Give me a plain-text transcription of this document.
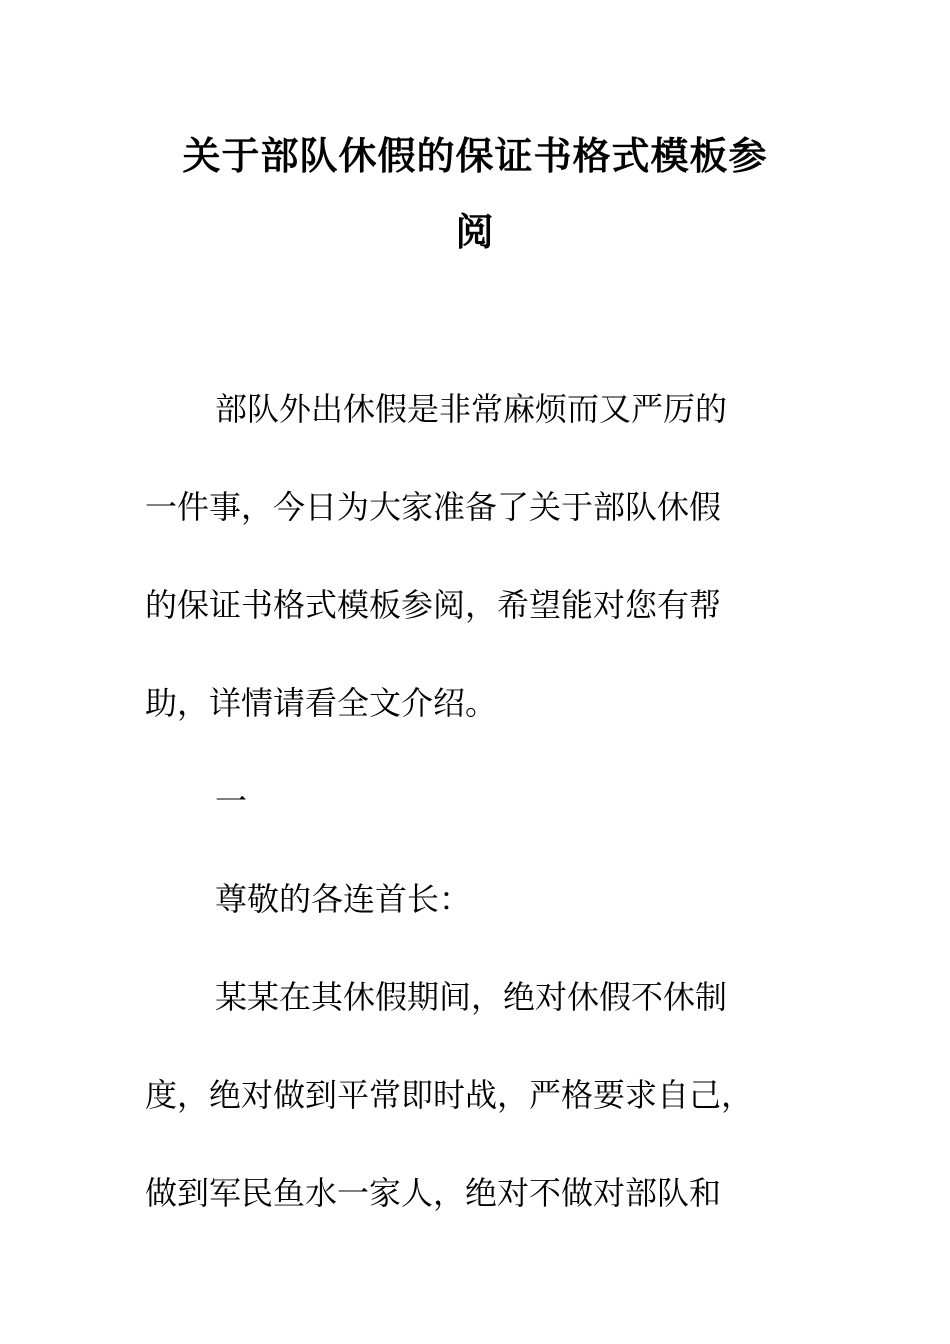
关于部队休假的保证书格式模板参
阅
部队外出休假是非常麻烦而又严厉的
一件事，今日为大家准备了关于部队休假
的保证书格式模板参阅，希望能对您有帮
助，详情请看全文介绍。
一
尊敬的各连首长：
某某在其休假期间，绝对休假不休制
度，绝对做到平常即时战，严格要求自己，
做到军民鱼水一家人，绝对不做对部队和
